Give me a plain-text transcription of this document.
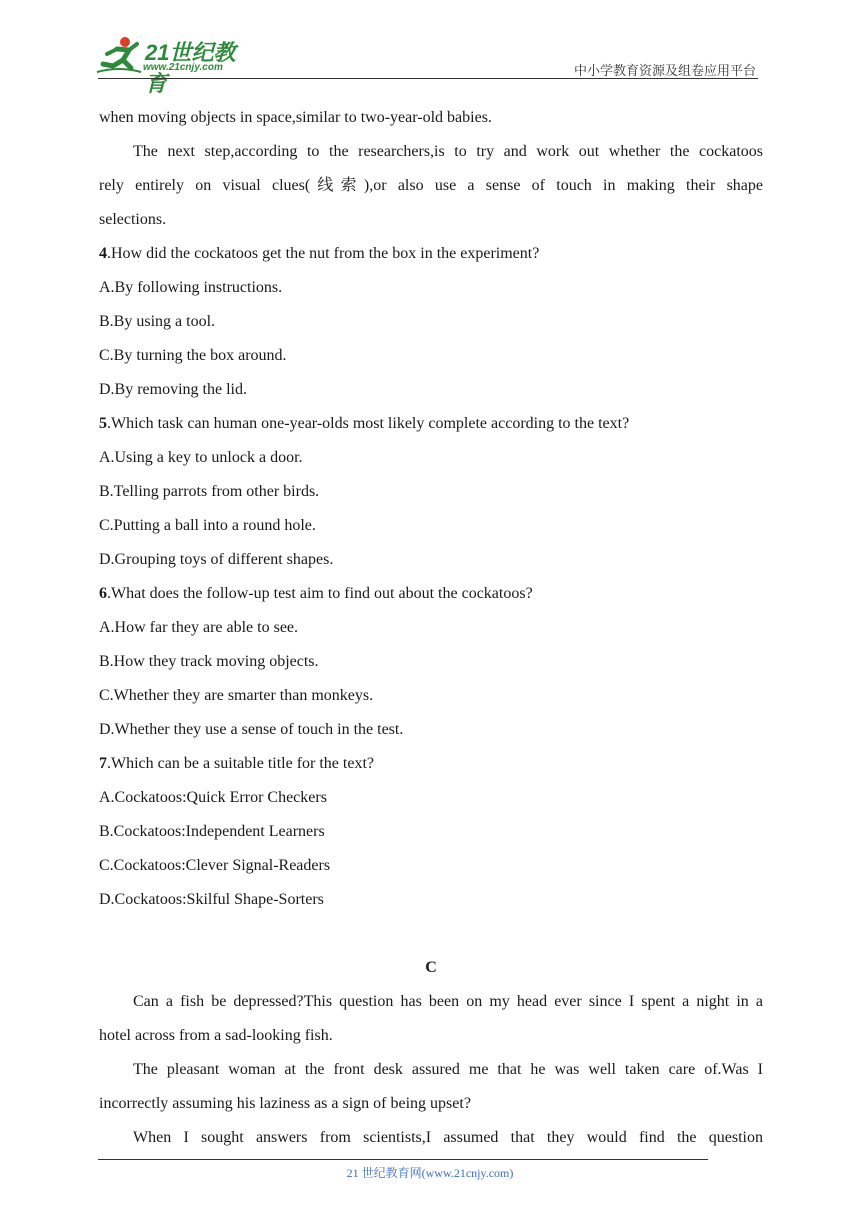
21世纪教育
www.21cnjy.com	中小学教育资源及组卷应用平台
when moving objects in space,similar to two-year-old babies.
The next step,according to the researchers,is to try and work out whether the cockatoos
rely entirely on visual clues(线索),or also use a sense of touch in making their shape
selections.
4.How did the cockatoos get the nut from the box in the experiment?
A.By following instructions.
B.By using a tool.
C.By turning the box around.
D.By removing the lid.
5.Which task can human one-year-olds most likely complete according to the text?
A.Using a key to unlock a door.
B.Telling parrots from other birds.
C.Putting a ball into a round hole.
D.Grouping toys of different shapes.
6.What does the follow-up test aim to find out about the cockatoos?
A.How far they are able to see.
B.How they track moving objects.
C.Whether they are smarter than monkeys.
D.Whether they use a sense of touch in the test.
7.Which can be a suitable title for the text?
A.Cockatoos:Quick Error Checkers
B.Cockatoos:Independent Learners
C.Cockatoos:Clever Signal-Readers
D.Cockatoos:Skilful Shape-Sorters
C
Can a fish be depressed?This question has been on my head ever since I spent a night in a
hotel across from a sad-looking fish.
The pleasant woman at the front desk assured me that he was well taken care of.Was I
incorrectly assuming his laziness as a sign of being upset?
When I sought answers from scientists,I assumed that they would find the question
21 世纪教育网(www.21cnjy.com)
